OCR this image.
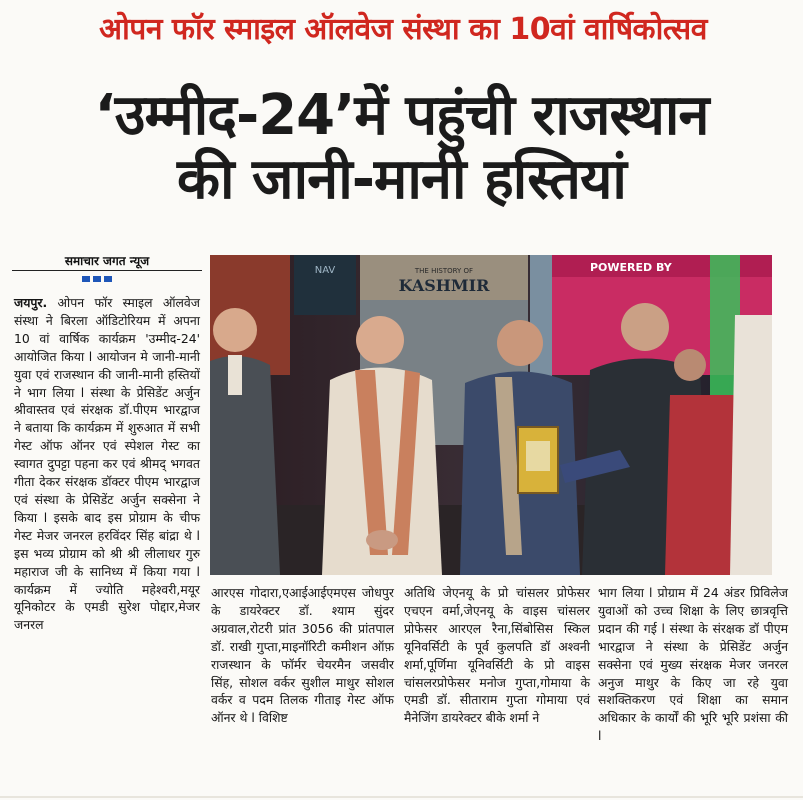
ओपन फॉर स्माइल ऑलवेज संस्था का 10वां वार्षिकोत्सव
‘उम्मीद-24’में पहुंची राजस्थान
की जानी-मानी हस्तियां
समाचार जगत न्यूज
जयपुर. ओपन फॉर स्माइल ऑलवेज संस्था ने बिरला ऑडिटोरियम में अपना 10 वां वार्षिक कार्यक्रम 'उम्मीद-24' आयोजित किया l आयोजन मे जानी-मानी युवा एवं राजस्थान की जानी-मानी हस्तियों ने भाग लिया l संस्था के प्रेसिडेंट अर्जुन श्रीवास्तव एवं संरक्षक डॉ.पीएम भारद्वाज ने बताया कि कार्यक्रम में शुरुआत में सभी गेस्ट ऑफ ऑनर एवं स्पेशल गेस्ट का स्वागत दुपट्टा पहना कर एवं श्रीमद् भगवत गीता देकर संरक्षक डॉक्टर पीएम भारद्वाज एवं संस्था के प्रेसिडेंट अर्जुन सक्सेना ने किया l इसके बाद इस प्रोग्राम के चीफ गेस्ट मेजर जनरल हरविंदर सिंह बांद्रा थे l इस भव्य प्रोग्राम को श्री श्री लीलाधर गुरु महाराज जी के सानिध्य में किया गया l कार्यक्रम में ज्योति महेश्वरी,मयूर यूनिकोटर के एमडी सुरेश पोद्दार,मेजर जनरल
NAV	THE HISTORY OF
KASHMIR
POWERED BY
आरएस गोदारा,एआईआईएमएस जोधपुर के डायरेक्टर डॉ. श्याम सुंदर अग्रवाल,रोटरी प्रांत 3056 की प्रांतपाल डॉ. राखी गुप्ता,माइनॉरिटी कमीशन ऑफ़ राजस्थान के फॉर्मर चेयरमैन जसवीर सिंह, सोशल वर्कर सुशील माथुर सोशल वर्कर व पदम तिलक गीताइ गेस्ट ऑफ ऑनर थे l विशिष्ट
अतिथि जेएनयू के प्रो चांसलर प्रोफेसर एचएन वर्मा,जेएनयू के वाइस चांसलर प्रोफेसर आरएल रैना,सिंबोसिस स्किल यूनिवर्सिटी के पूर्व कुलपति डॉ अश्वनी शर्मा,पूर्णिमा यूनिवर्सिटी के प्रो वाइस चांसलरप्रोफेसर मनोज गुप्ता,गोमाया के एमडी डॉ. सीताराम गुप्ता गोमाया एवं मैनेजिंग डायरेक्टर बीके शर्मा ने
भाग लिया l प्रोग्राम में 24 अंडर प्रिविलेज युवाओं को उच्च शिक्षा के लिए छात्रवृत्ति प्रदान की गई l संस्था के संरक्षक डॉ पीएम भारद्वाज ने संस्था के प्रेसिडेंट अर्जुन सक्सेना एवं मुख्य संरक्षक मेजर जनरल अनुज माथुर के किए जा रहे युवा सशक्तिकरण एवं शिक्षा का समान अधिकार के कार्यों की भूरि भूरि प्रशंसा की l
